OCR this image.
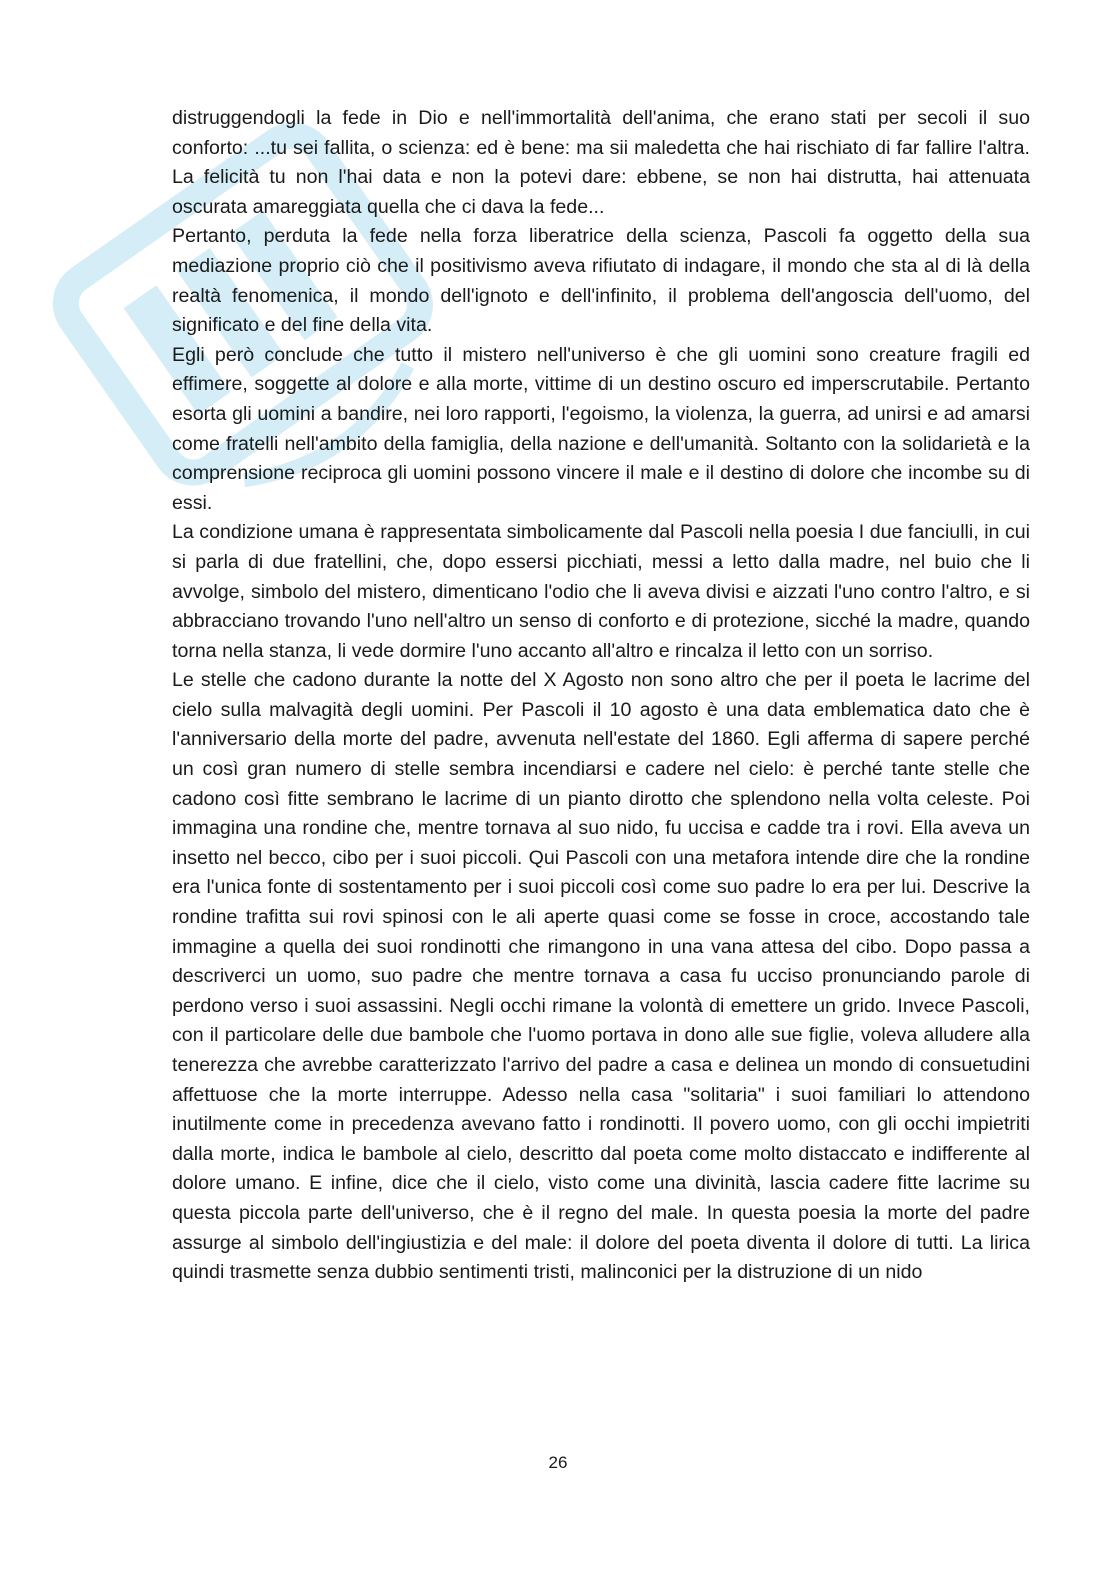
distruggendogli la fede in Dio e nell'immortalità dell'anima, che erano stati per secoli il suo conforto: ...tu sei fallita, o scienza: ed è bene: ma sii maledetta che hai rischiato di far fallire l'altra. La felicità tu non l'hai data e non la potevi dare: ebbene, se non hai distrutta, hai attenuata oscurata amareggiata quella che ci dava la fede...

Pertanto, perduta la fede nella forza liberatrice della scienza, Pascoli fa oggetto della sua mediazione proprio ciò che il positivismo aveva rifiutato di indagare, il mondo che sta al di là della realtà fenomenica, il mondo dell'ignoto e dell'infinito, il problema dell'angoscia dell'uomo, del significato e del fine della vita.

Egli però conclude che tutto il mistero nell'universo è che gli uomini sono creature fragili ed effimere, soggette al dolore e alla morte, vittime di un destino oscuro ed imperscrutabile. Pertanto esorta gli uomini a bandire, nei loro rapporti, l'egoismo, la violenza, la guerra, ad unirsi e ad amarsi come fratelli nell'ambito della famiglia, della nazione e dell'umanità. Soltanto con la solidarietà e la comprensione reciproca gli uomini possono vincere il male e il destino di dolore che incombe su di essi.

La condizione umana è rappresentata simbolicamente dal Pascoli nella poesia I due fanciulli, in cui si parla di due fratellini, che, dopo essersi picchiati, messi a letto dalla madre, nel buio che li avvolge, simbolo del mistero, dimenticano l'odio che li aveva divisi e aizzati l'uno contro l'altro, e si abbracciano trovando l'uno nell'altro un senso di conforto e di protezione, sicché la madre, quando torna nella stanza, li vede dormire l'uno accanto all'altro e rincalza il letto con un sorriso.

Le stelle che cadono durante la notte del X Agosto non sono altro che per il poeta le lacrime del cielo sulla malvagità degli uomini. Per Pascoli il 10 agosto è una data emblematica dato che è l'anniversario della morte del padre, avvenuta nell'estate del 1860. Egli afferma di sapere perché un così gran numero di stelle sembra incendiarsi e cadere nel cielo: è perché tante stelle che cadono così fitte sembrano le lacrime di un pianto dirotto che splendono nella volta celeste. Poi immagina una rondine che, mentre tornava al suo nido, fu uccisa e cadde tra i rovi. Ella aveva un insetto nel becco, cibo per i suoi piccoli. Qui Pascoli con una metafora intende dire che la rondine era l'unica fonte di sostentamento per i suoi piccoli così come suo padre lo era per lui. Descrive la rondine trafitta sui rovi spinosi con le ali aperte quasi come se fosse in croce, accostando tale immagine a quella dei suoi rondinotti che rimangono in una vana attesa del cibo. Dopo passa a descriverci un uomo, suo padre che mentre tornava a casa fu ucciso pronunciando parole di perdono verso i suoi assassini. Negli occhi rimane la volontà di emettere un grido. Invece Pascoli, con il particolare delle due bambole che l'uomo portava in dono alle sue figlie, voleva alludere alla tenerezza che avrebbe caratterizzato l'arrivo del padre a casa e delinea un mondo di consuetudini affettuose che la morte interruppe. Adesso nella casa "solitaria" i suoi familiari lo attendono inutilmente come in precedenza avevano fatto i rondinotti. Il povero uomo, con gli occhi impietriti dalla morte, indica le bambole al cielo, descritto dal poeta come molto distaccato e indifferente al dolore umano. E infine, dice che il cielo, visto come una divinità, lascia cadere fitte lacrime su questa piccola parte dell'universo, che è il regno del male. In questa poesia la morte del padre assurge al simbolo dell'ingiustizia e del male: il dolore del poeta diventa il dolore di tutti. La lirica quindi trasmette senza dubbio sentimenti tristi, malinconici per la distruzione di un nido

26
